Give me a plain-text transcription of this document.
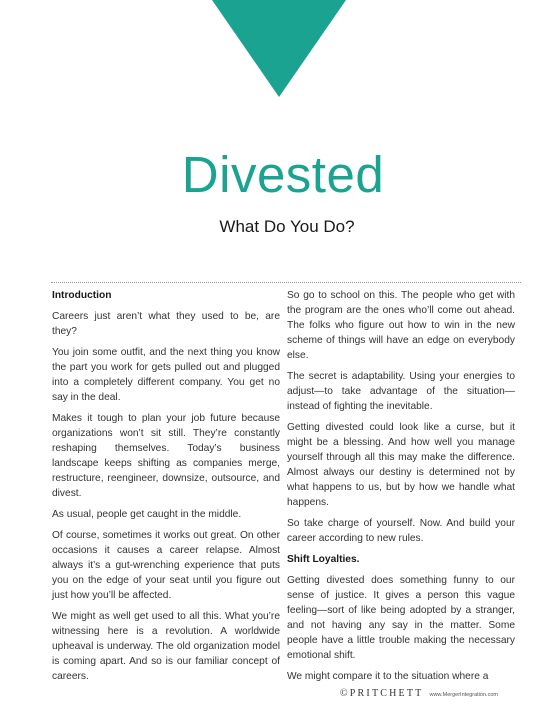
Divested
What Do You Do?

Introduction

Careers just aren’t what they used to be, are they?

You join some outfit, and the next thing you know the part you work for gets pulled out and plugged into a completely different company. You get no say in the deal.

Makes it tough to plan your job future because organizations won’t sit still. They’re constantly reshaping themselves. Today’s business landscape keeps shifting as companies merge, restructure, reengineer, downsize, outsource, and divest.

As usual, people get caught in the middle.

Of course, sometimes it works out great. On other occasions it causes a career relapse. Almost always it’s a gut-wrenching experience that puts you on the edge of your seat until you figure out just how you’ll be affected.

We might as well get used to all this. What you’re witnessing here is a revolution. A worldwide upheaval is underway. The old organization model is coming apart. And so is our familiar concept of careers.

So go to school on this. The people who get with the program are the ones who’ll come out ahead. The folks who figure out how to win in the new scheme of things will have an edge on everybody else.

The secret is adaptability. Using your energies to adjust—to take advantage of the situation—instead of fighting the inevitable.

Getting divested could look like a curse, but it might be a blessing. And how well you manage yourself through all this may make the difference. Almost always our destiny is determined not by what happens to us, but by how we handle what happens.

So take charge of yourself. Now. And build your career according to new rules.

Shift Loyalties.

Getting divested does something funny to our sense of justice. It gives a person this vague feeling—sort of like being adopted by a stranger, and not having any say in the matter. Some people have a little trouble making the necessary emotional shift.

We might compare it to the situation where a

©PRITCHETT www.MergerIntegration.com
